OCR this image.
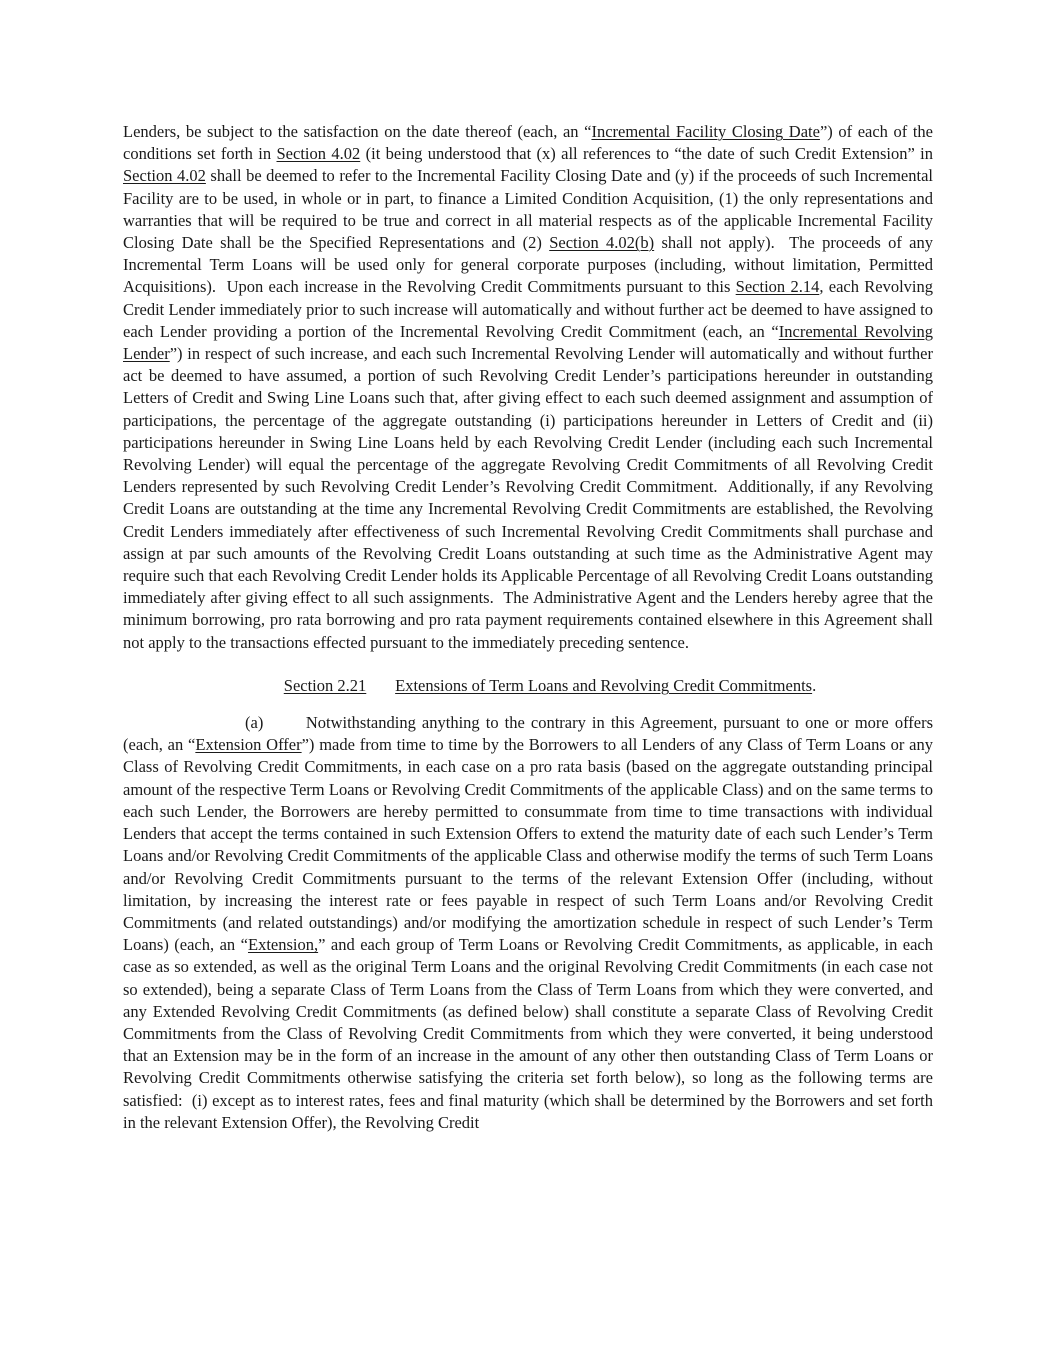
Lenders, be subject to the satisfaction on the date thereof (each, an “Incremental Facility Closing Date”) of each of the conditions set forth in Section 4.02 (it being understood that (x) all references to “the date of such Credit Extension” in Section 4.02 shall be deemed to refer to the Incremental Facility Closing Date and (y) if the proceeds of such Incremental Facility are to be used, in whole or in part, to finance a Limited Condition Acquisition, (1) the only representations and warranties that will be required to be true and correct in all material respects as of the applicable Incremental Facility Closing Date shall be the Specified Representations and (2) Section 4.02(b) shall not apply).  The proceeds of any Incremental Term Loans will be used only for general corporate purposes (including, without limitation, Permitted Acquisitions).  Upon each increase in the Revolving Credit Commitments pursuant to this Section 2.14, each Revolving Credit Lender immediately prior to such increase will automatically and without further act be deemed to have assigned to each Lender providing a portion of the Incremental Revolving Credit Commitment (each, an “Incremental Revolving Lender”) in respect of such increase, and each such Incremental Revolving Lender will automatically and without further act be deemed to have assumed, a portion of such Revolving Credit Lender’s participations hereunder in outstanding Letters of Credit and Swing Line Loans such that, after giving effect to each such deemed assignment and assumption of participations, the percentage of the aggregate outstanding (i) participations hereunder in Letters of Credit and (ii) participations hereunder in Swing Line Loans held by each Revolving Credit Lender (including each such Incremental Revolving Lender) will equal the percentage of the aggregate Revolving Credit Commitments of all Revolving Credit Lenders represented by such Revolving Credit Lender’s Revolving Credit Commitment.  Additionally, if any Revolving Credit Loans are outstanding at the time any Incremental Revolving Credit Commitments are established, the Revolving Credit Lenders immediately after effectiveness of such Incremental Revolving Credit Commitments shall purchase and assign at par such amounts of the Revolving Credit Loans outstanding at such time as the Administrative Agent may require such that each Revolving Credit Lender holds its Applicable Percentage of all Revolving Credit Loans outstanding immediately after giving effect to all such assignments.  The Administrative Agent and the Lenders hereby agree that the minimum borrowing, pro rata borrowing and pro rata payment requirements contained elsewhere in this Agreement shall not apply to the transactions effected pursuant to the immediately preceding sentence.

Section 2.21 Extensions of Term Loans and Revolving Credit Commitments.

(a)	Notwithstanding anything to the contrary in this Agreement, pursuant to one or more offers (each, an “Extension Offer”) made from time to time by the Borrowers to all Lenders of any Class of Term Loans or any Class of Revolving Credit Commitments, in each case on a pro rata basis (based on the aggregate outstanding principal amount of the respective Term Loans or Revolving Credit Commitments of the applicable Class) and on the same terms to each such Lender, the Borrowers are hereby permitted to consummate from time to time transactions with individual Lenders that accept the terms contained in such Extension Offers to extend the maturity date of each such Lender’s Term Loans and/or Revolving Credit Commitments of the applicable Class and otherwise modify the terms of such Term Loans and/or Revolving Credit Commitments pursuant to the terms of the relevant Extension Offer (including, without limitation, by increasing the interest rate or fees payable in respect of such Term Loans and/or Revolving Credit Commitments (and related outstandings) and/or modifying the amortization schedule in respect of such Lender’s Term Loans) (each, an “Extension,” and each group of Term Loans or Revolving Credit Commitments, as applicable, in each case as so extended, as well as the original Term Loans and the original Revolving Credit Commitments (in each case not so extended), being a separate Class of Term Loans from the Class of Term Loans from which they were converted, and any Extended Revolving Credit Commitments (as defined below) shall constitute a separate Class of Revolving Credit Commitments from the Class of Revolving Credit Commitments from which they were converted, it being understood that an Extension may be in the form of an increase in the amount of any other then outstanding Class of Term Loans or Revolving Credit Commitments otherwise satisfying the criteria set forth below), so long as the following terms are satisfied:  (i) except as to interest rates, fees and final maturity (which shall be determined by the Borrowers and set forth in the relevant Extension Offer), the Revolving Credit
